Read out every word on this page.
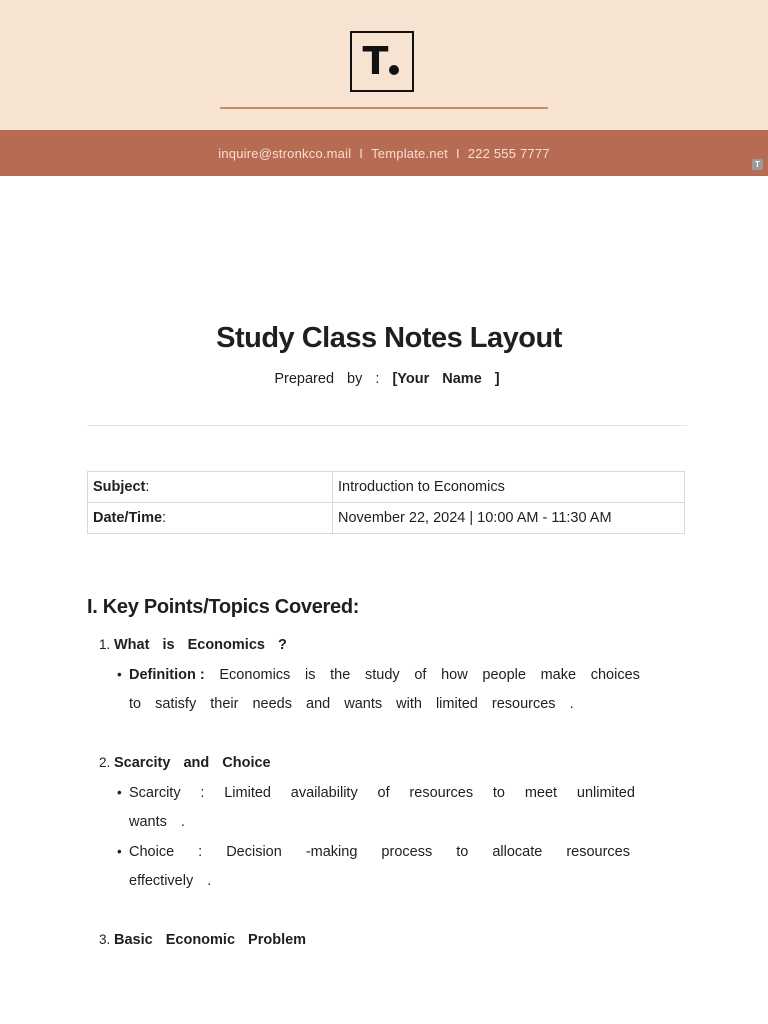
T
inquire@stronkco.mail I Template.net I 222 555 7777
T
Study Class Notes Layout
Prepared by : [Your Name ]
Subject:	Introduction to Economics
Date/Time:	November 22, 2024 | 10:00 AM - 11:30 AM
I. Key Points/Topics Covered:
1. What is Economics ?
• Definition : Economics is the study of how people make choices
to satisfy their needs and wants with limited resources .
2. Scarcity and Choice
• Scarcity : Limited availability of resources to meet unlimited
wants .
• Choice : Decision -making process to allocate resources
effectively .
3. Basic Economic Problem
